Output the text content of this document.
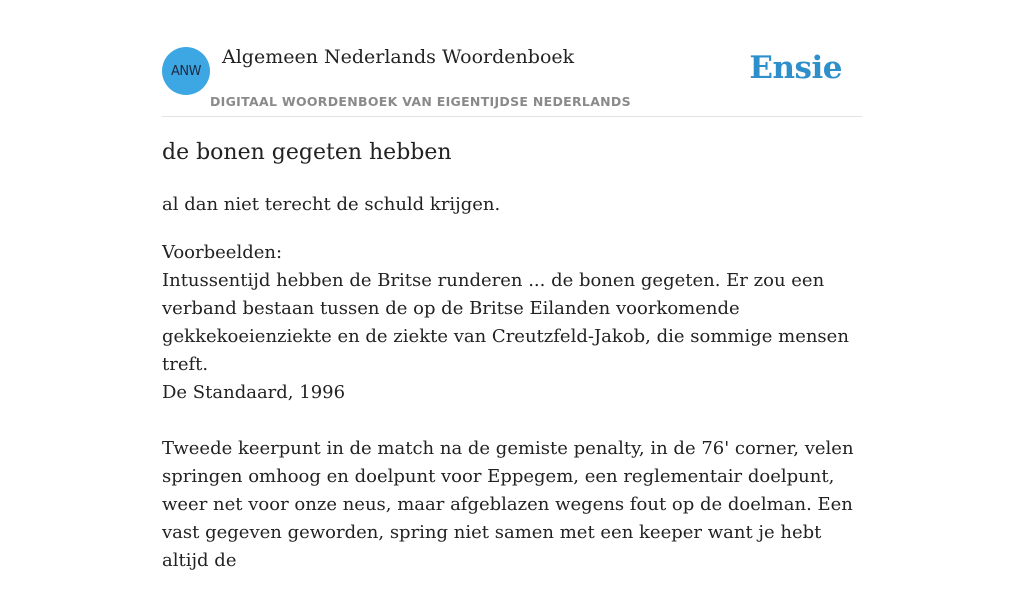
ANW
Algemeen Nederlands Woordenboek
DIGITAAL WOORDENBOEK VAN EIGENTIJDSE NEDERLANDS
Ensie
de bonen gegeten hebben
al dan niet terecht de schuld krijgen.

Voorbeelden:

Intussentijd hebben de Britse runderen ... de bonen gegeten. Er zou een verband bestaan tussen de op de Britse Eilanden voorkomende gekkekoeienziekte en de ziekte van Creutzfeld-Jakob, die sommige mensen treft.

De Standaard, 1996

Tweede keerpunt in de match na de gemiste penalty, in de 76' corner, velen springen omhoog en doelpunt voor Eppegem, een reglementair doelpunt, weer net voor onze neus, maar afgeblazen wegens fout op de doelman. Een vast gegeven geworden, spring niet samen met een keeper want je hebt altijd de
